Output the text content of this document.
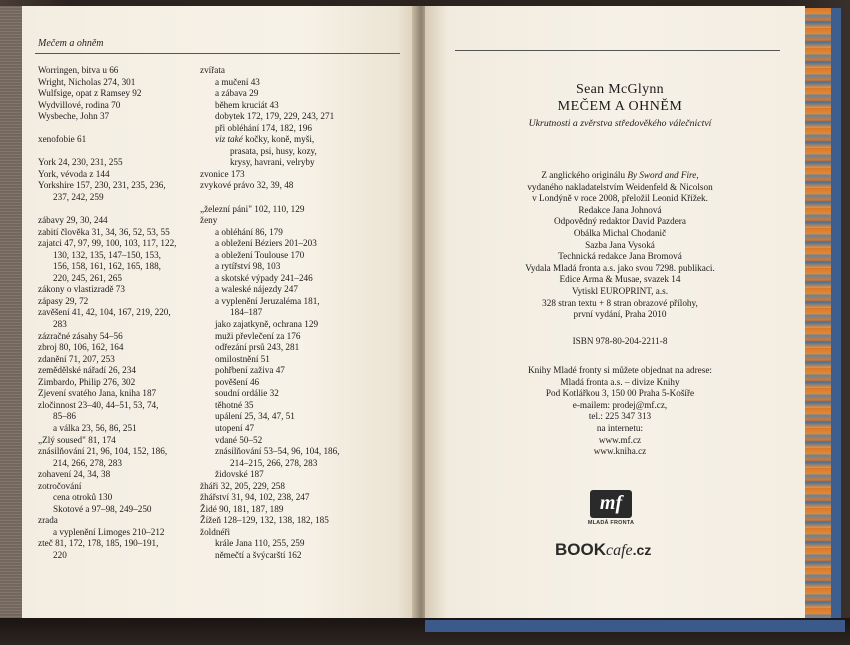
Mečem a ohněm
Worringen, bitva u 66
Wright, Nicholas 274, 301
Wulfsige, opat z Ramsey 92
Wydvillové, rodina 70
Wysbeche, John 37
xenofobie 61
York 24, 230, 231, 255
York, vévoda z 144
Yorkshire 157, 230, 231, 235, 236,
237, 242, 259
zábavy 29, 30, 244
zabití člověka 31, 34, 36, 52, 53, 55
zajatci 47, 97, 99, 100, 103, 117, 122,
130, 132, 135, 147–150, 153,
156, 158, 161, 162, 165, 188,
220, 245, 261, 265
zákony o vlastizradě 73
zápasy 29, 72
zavěšení 41, 42, 104, 167, 219, 220,
283
zázračné zásahy 54–56
zbroj 80, 106, 162, 164
zdanění 71, 207, 253
zemědělské nářadí 26, 234
Zimbardo, Philip 276, 302
Zjevení svatého Jana, kniha 187
zločinnost 23–40, 44–51, 53, 74,
85–86
a válka 23, 56, 86, 251
„Zlý soused" 81, 174
znásilňování 21, 96, 104, 152, 186,
214, 266, 278, 283
zohavení 24, 34, 38
zotročování
cena otroků 130
Skotové a 97–98, 249–250
zrada
a vyplenění Limoges 210–212
zteč 81, 172, 178, 185, 190–191,
220
zvířata
a mučení 43
a zábava 29
během kruciát 43
dobytek 172, 179, 229, 243, 271
při obléhání 174, 182, 196
viz také kočky, koně, myši,
prasata, psi, husy, kozy,
krysy, havrani, velryby
zvonice 173
zvykové právo 32, 39, 48
„železní páni" 102, 110, 129
ženy
a obléhání 86, 179
a obležení Béziers 201–203
a obležení Toulouse 170
a rytířství 98, 103
a skotské výpady 241–246
a waleské nájezdy 247
a vyplenění Jeruzaléma 181,
184–187
jako zajatkyně, ochrana 129
muži převlečení za 176
odřezání prsů 243, 281
omilostnění 51
pohřbení zaživa 47
pověšení 46
soudní ordálie 32
těhotné 35
upálení 25, 34, 47, 51
utopení 47
vdané 50–52
znásilňování 53–54, 96, 104, 186,
214–215, 266, 278, 283
židovské 187
žháři 32, 205, 229, 258
žhářství 31, 94, 102, 238, 247
Židé 90, 181, 187, 189
Žížeň 128–129, 132, 138, 182, 185
žoldnéři
krále Jana 110, 255, 259
němečtí a švýcarští 162
Sean McGlynn
MEČEM A OHNĚM
Ukrutnosti a zvěrstva středověkého válečnictví
Z anglického originálu By Sword and Fire,
vydaného nakladatelstvím Weidenfeld & Nicolson
v Londýně v roce 2008, přeložil Leonid Křížek.
Redakce Jana Johnová
Odpovědný redaktor David Pazdera
Obálka Michal Chodanič
Sazba Jana Vysoká
Technická redakce Jana Bromová
Vydala Mladá fronta a.s. jako svou 7298. publikaci.
Edice Arma & Musae, svazek 14
Vytiskl EUROPRINT, a.s.
328 stran textu + 8 stran obrazové přílohy,
první vydání, Praha 2010
ISBN 978-80-204-2211-8
Knihy Mladé fronty si můžete objednat na adrese:
Mladá fronta a.s. – divize Knihy
Pod Kotlářkou 3, 150 00 Praha 5-Košíře
e-mailem: prodej@mf.cz,
tel.: 225 347 313
na internetu:
www.mf.cz
www.kniha.cz
mf
MLADÁ FRONTA
BOOKcafe.cz
